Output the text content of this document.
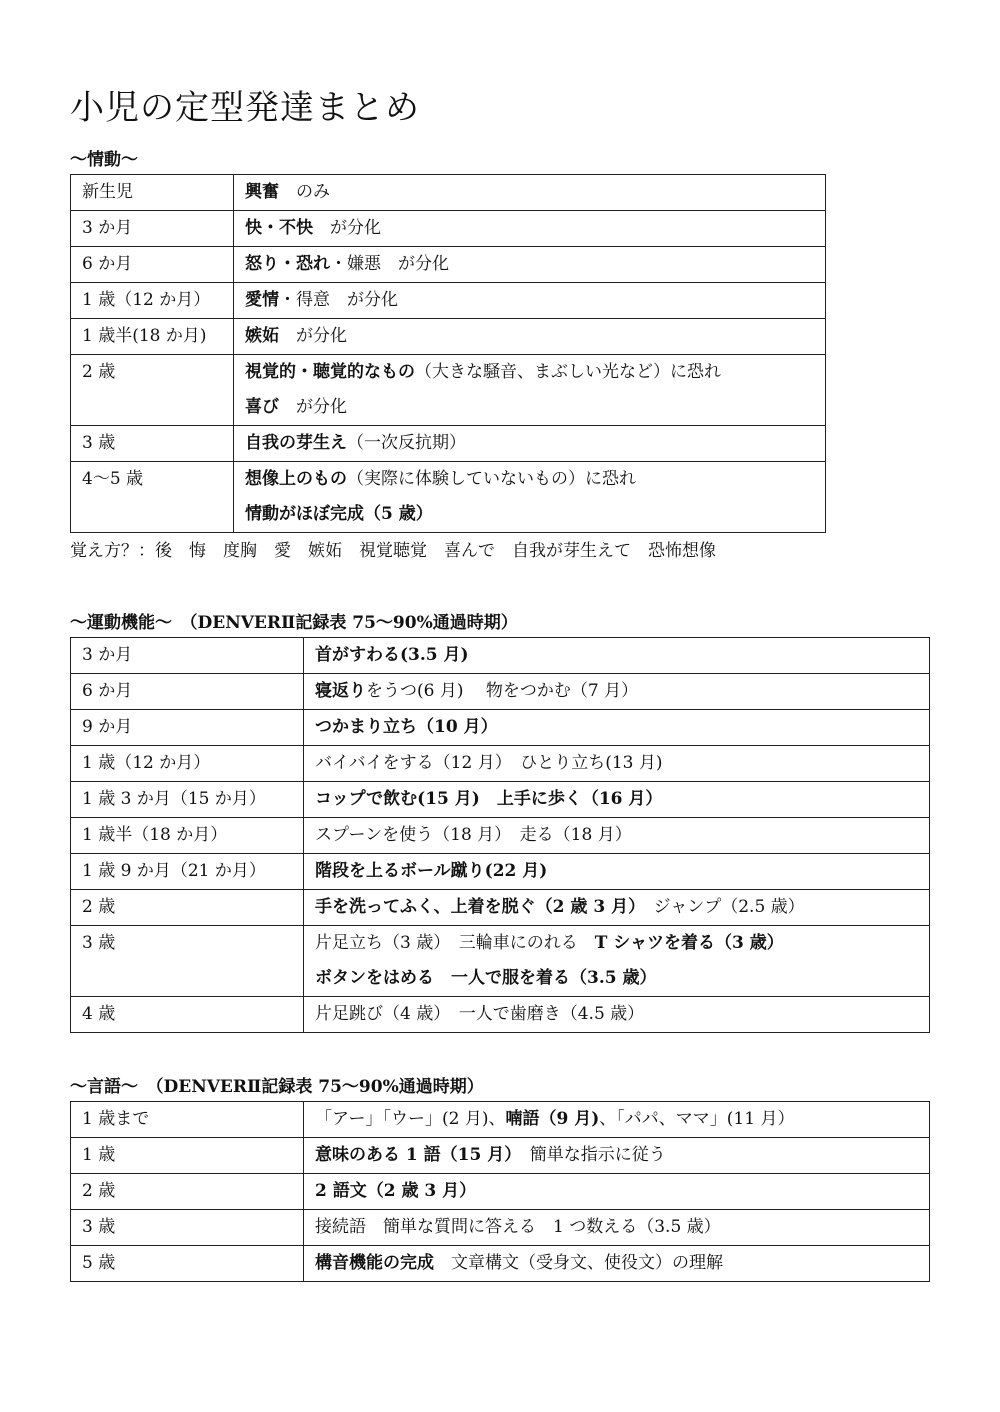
小児の定型発達まとめ
～情動～
新生児	興奮　のみ

3 か月	快・不快　が分化

6 か月	怒り・恐れ・嫌悪　が分化

1 歳（12 か月）	愛情・得意　が分化

1 歳半(18 か月)	嫉妬　が分化

2 歳	視覚的・聴覚的なもの（大きな騒音、まぶしい光など）に恐れ
喜び　が分化

3 歳	自我の芽生え（一次反抗期）

4～5 歳	想像上のもの（実際に体験していないもの）に恐れ
情動がほぼ完成（5 歳）
覚え方？：後　悔　度胸　愛　嫉妬　視覚聴覚　喜んで　自我が芽生えて　恐怖想像
～運動機能～　（DENVERⅡ記録表 75～90%通過時期）
3 か月	首がすわる(3.5 月)

6 か月	寝返りをうつ(6 月)　 物をつかむ（7 月）

9 か月	つかまり立ち（10 月）

1 歳（12 か月）	バイバイをする（12 月）　ひとり立ち(13 月)

1 歳 3 か月（15 か月）	コップで飲む(15 月)　上手に歩く（16 月）

1 歳半（18 か月）	スプーンを使う（18 月）　走る（18 月）

1 歳 9 か月（21 か月）	階段を上るボール蹴り(22 月)

2 歳	手を洗ってふく、上着を脱ぐ（2 歳 3 月）　ジャンプ（2.5 歳）

3 歳	片足立ち（3 歳）　三輪車にのれる　T シャツを着る（3 歳）
ボタンをはめる　一人で服を着る（3.5 歳）

4 歳	片足跳び（4 歳）　一人で歯磨き（4.5 歳）
～言語～　（DENVERⅡ記録表 75～90%通過時期）
1 歳まで	「アー」「ウー」(2 月)、喃語（9 月)、「パパ、ママ」(11 月）

1 歳	意味のある 1 語（15 月）　簡単な指示に従う

2 歳	2 語文（2 歳 3 月）

3 歳	接続語　簡単な質問に答える　1 つ数える（3.5 歳）

5 歳	構音機能の完成　文章構文（受身文、使役文）の理解
